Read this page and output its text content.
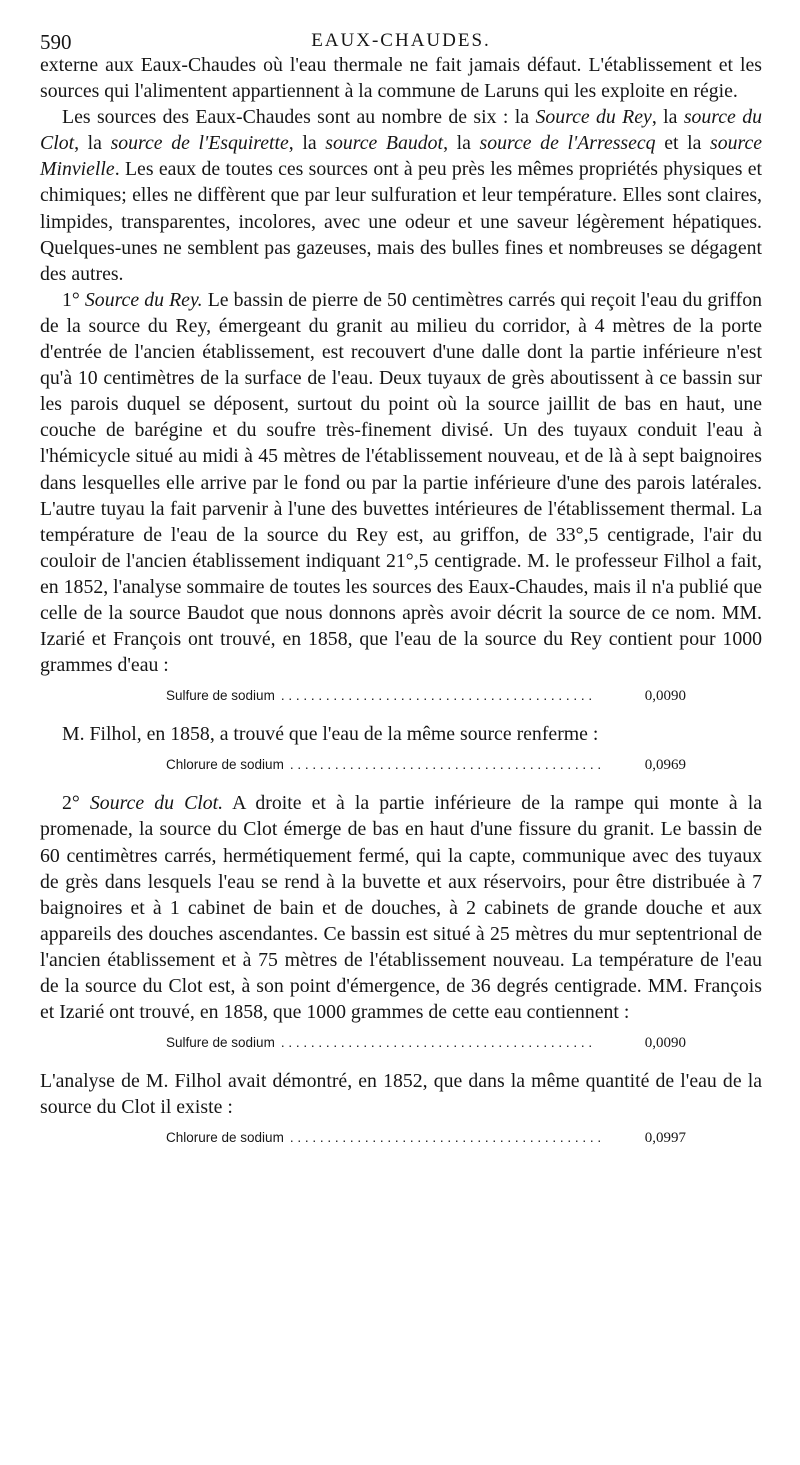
590	EAUX-CHAUDES.

externe aux Eaux-Chaudes où l'eau thermale ne fait jamais défaut. L'établissement et les sources qui l'alimentent appartiennent à la commune de Laruns qui les exploite en régie.

Les sources des Eaux-Chaudes sont au nombre de six : la Source du Rey, la source du Clot, la source de l'Esquirette, la source Baudot, la source de l'Arressecq et la source Minvielle. Les eaux de toutes ces sources ont à peu près les mêmes propriétés physiques et chimiques; elles ne diffèrent que par leur sulfuration et leur température. Elles sont claires, limpides, transparentes, incolores, avec une odeur et une saveur légèrement hépatiques. Quelques-unes ne semblent pas gazeuses, mais des bulles fines et nombreuses se dégagent des autres.

1° Source du Rey. Le bassin de pierre de 50 centimètres carrés qui reçoit l'eau du griffon de la source du Rey, émergeant du granit au milieu du corridor, à 4 mètres de la porte d'entrée de l'ancien établissement, est recouvert d'une dalle dont la partie inférieure n'est qu'à 10 centimètres de la surface de l'eau. Deux tuyaux de grès aboutissent à ce bassin sur les parois duquel se déposent, surtout du point où la source jaillit de bas en haut, une couche de barégine et du soufre très-finement divisé. Un des tuyaux conduit l'eau à l'hémicycle situé au midi à 45 mètres de l'établissement nouveau, et de là à sept baignoires dans lesquelles elle arrive par le fond ou par la partie inférieure d'une des parois latérales. L'autre tuyau la fait parvenir à l'une des buvettes intérieures de l'établissement thermal. La température de l'eau de la source du Rey est, au griffon, de 33°,5 centigrade, l'air du couloir de l'ancien établissement indiquant 21°,5 centigrade. M. le professeur Filhol a fait, en 1852, l'analyse sommaire de toutes les sources des Eaux-Chaudes, mais il n'a publié que celle de la source Baudot que nous donnons après avoir décrit la source de ce nom. MM. Izarié et François ont trouvé, en 1858, que l'eau de la source du Rey contient pour 1000 grammes d'eau :

Sulfure de sodium . . .	0,0090

M. Filhol, en 1858, a trouvé que l'eau de la même source renferme :

Chlorure de sodium . . .	0,0969

2° Source du Clot. A droite et à la partie inférieure de la rampe qui monte à la promenade, la source du Clot émerge de bas en haut d'une fissure du granit. Le bassin de 60 centimètres carrés, hermétiquement fermé, qui la capte, communique avec des tuyaux de grès dans lesquels l'eau se rend à la buvette et aux réservoirs, pour être distribuée à 7 baignoires et à 1 cabinet de bain et de douches, à 2 cabinets de grande douche et aux appareils des douches ascendantes. Ce bassin est situé à 25 mètres du mur septentrional de l'ancien établissement et à 75 mètres de l'établissement nouveau. La température de l'eau de la source du Clot est, à son point d'émergence, de 36 degrés centigrade. MM. François et Izarié ont trouvé, en 1858, que 1000 grammes de cette eau contiennent :

Sulfure de sodium . . .	0,0090

L'analyse de M. Filhol avait démontré, en 1852, que dans la même quantité de l'eau de la source du Clot il existe :

Chlorure de sodium . . .	0,0997
